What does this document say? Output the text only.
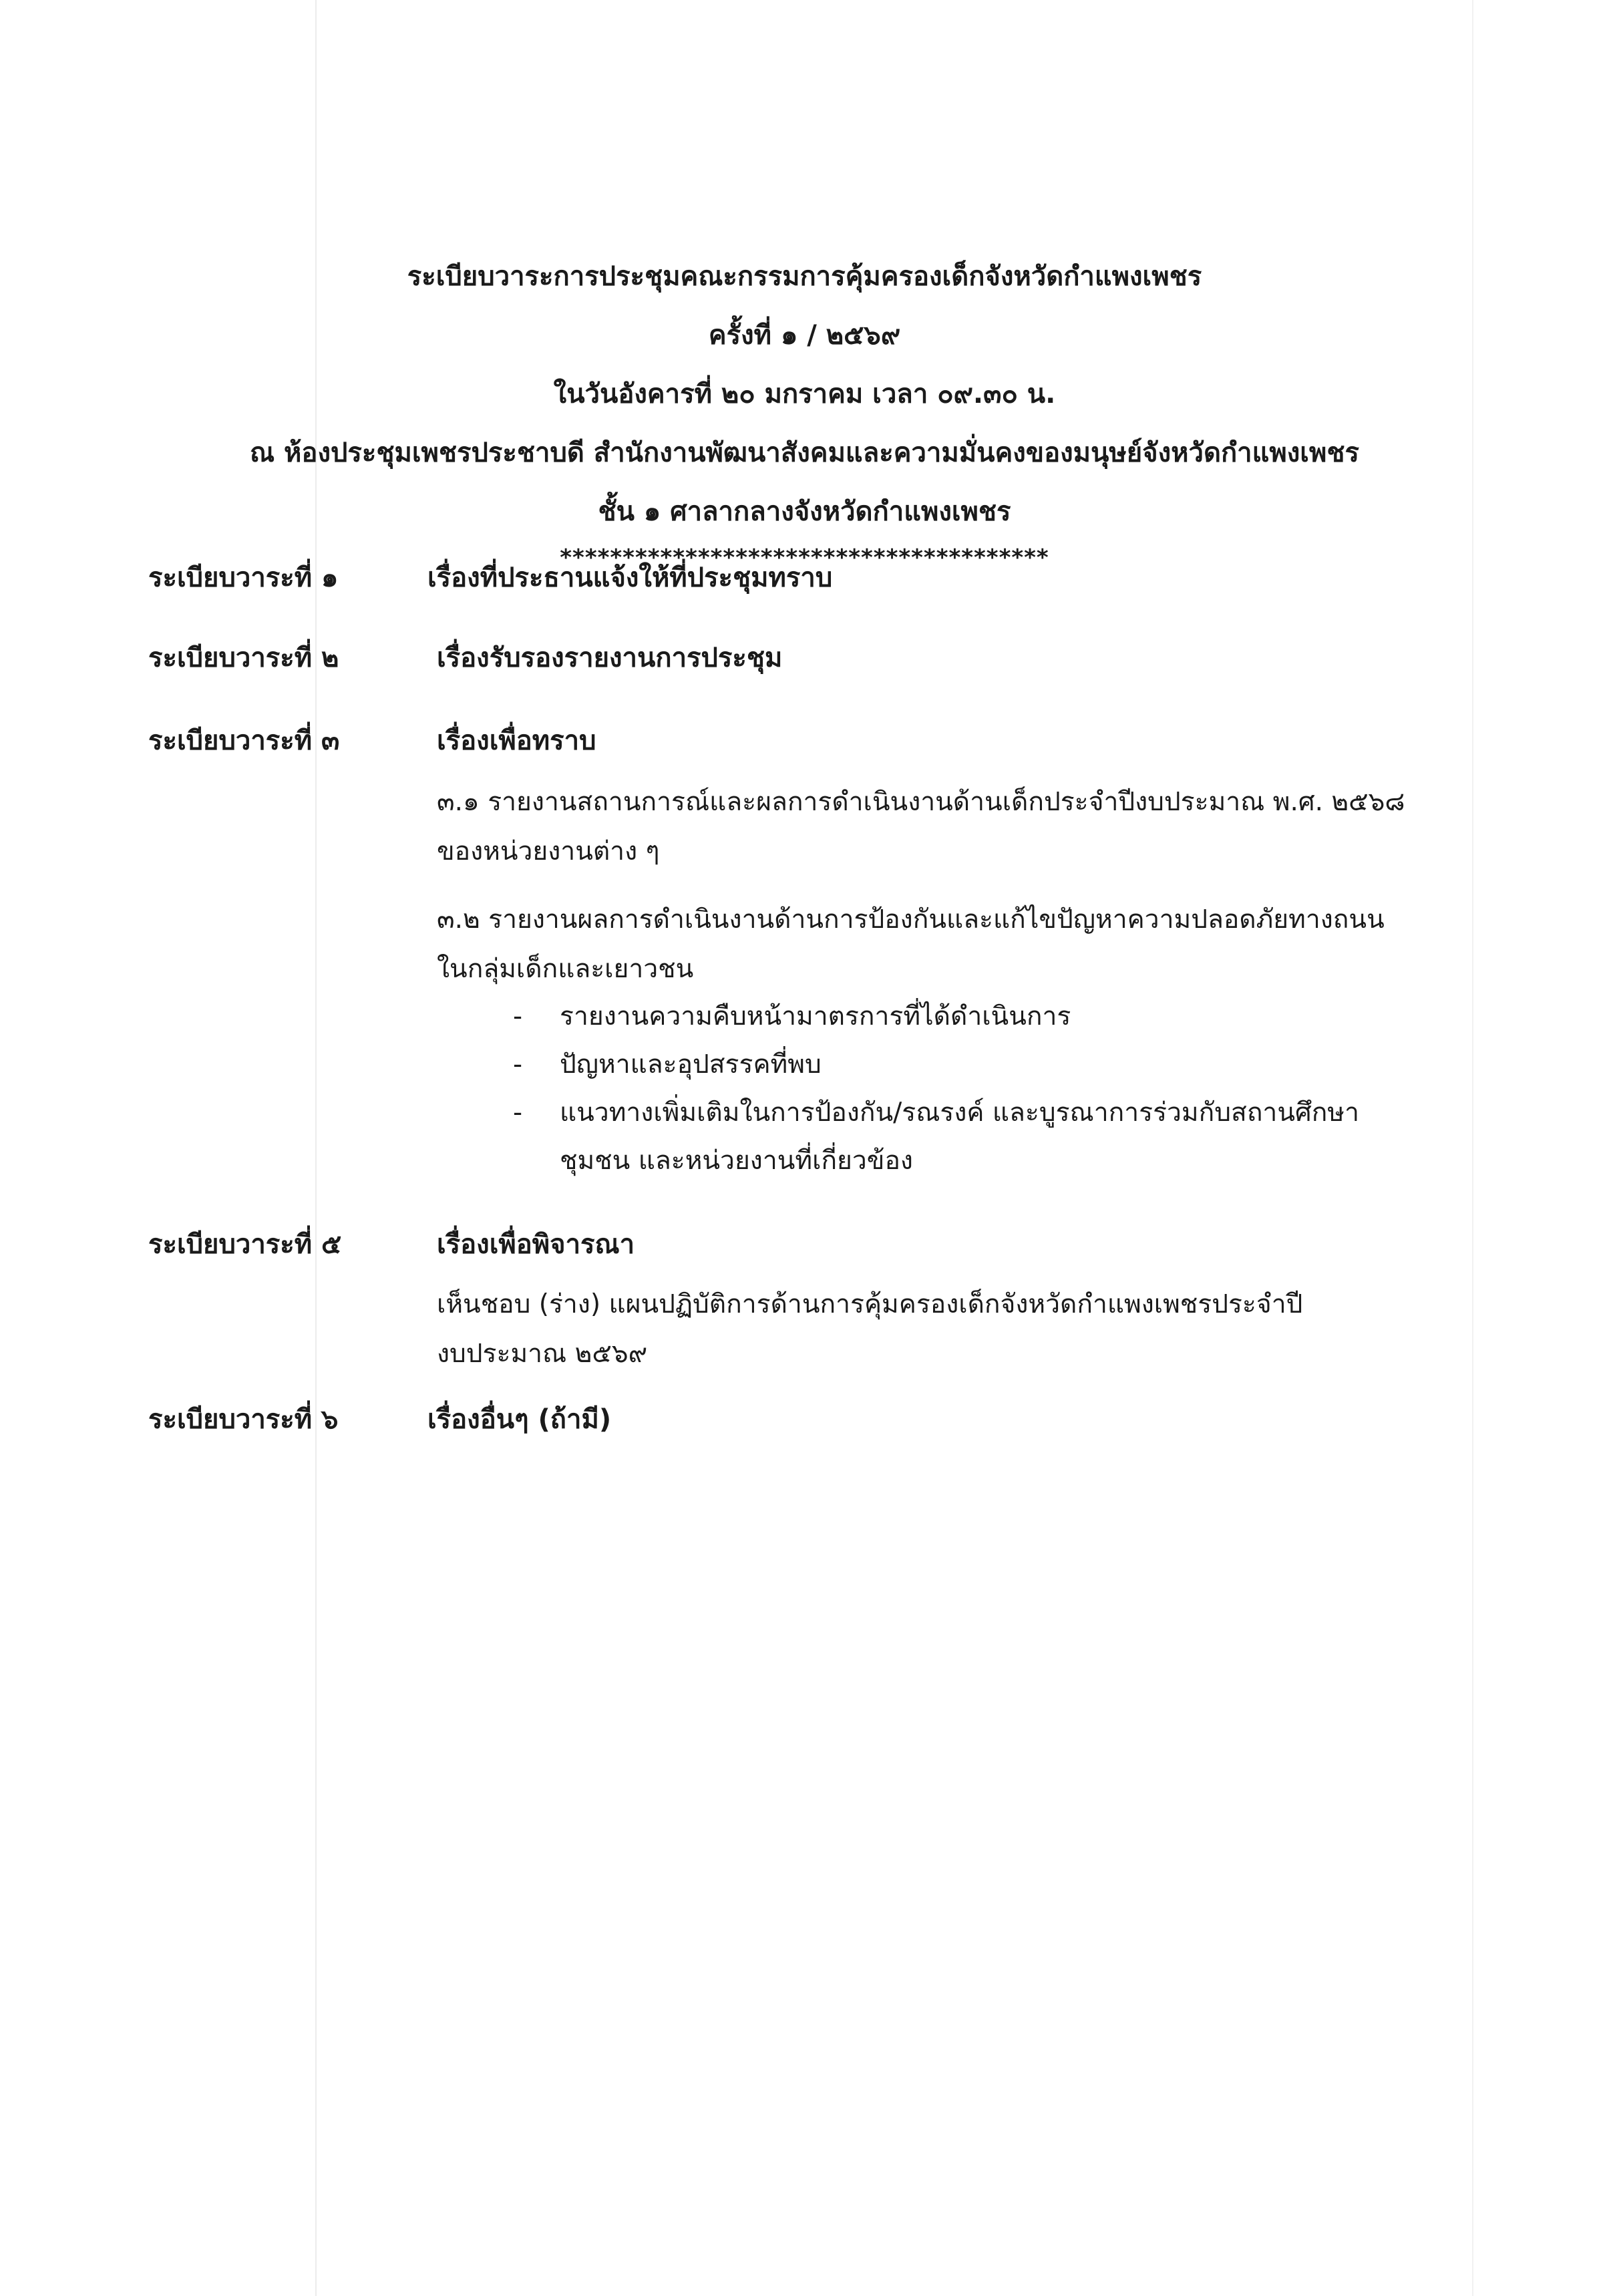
ระเบียบวาระการประชุมคณะกรรมการคุ้มครองเด็กจังหวัดกำแพงเพชร
ครั้งที่ ๑ / ๒๕๖๙
ในวันอังคารที่ ๒๐ มกราคม เวลา ๐๙.๓๐ น.
ณ ห้องประชุมเพชรประชาบดี สำนักงานพัฒนาสังคมและความมั่นคงของมนุษย์จังหวัดกำแพงเพชร
ชั้น ๑ ศาลากลางจังหวัดกำแพงเพชร
***************************************
ระเบียบวาระที่ ๑	เรื่องที่ประธานแจ้งให้ที่ประชุมทราบ
ระเบียบวาระที่ ๒	เรื่องรับรองรายงานการประชุม
ระเบียบวาระที่ ๓	เรื่องเพื่อทราบ
๓.๑ รายงานสถานการณ์และผลการดำเนินงานด้านเด็กประจำปีงบประมาณ พ.ศ. ๒๕๖๘
ของหน่วยงานต่าง ๆ
๓.๒ รายงานผลการดำเนินงานด้านการป้องกันและแก้ไขปัญหาความปลอดภัยทางถนน
ในกลุ่มเด็กและเยาวชน
- รายงานความคืบหน้ามาตรการที่ได้ดำเนินการ
- ปัญหาและอุปสรรคที่พบ
- แนวทางเพิ่มเติมในการป้องกัน/รณรงค์ และบูรณาการร่วมกับสถานศึกษา
ชุมชน และหน่วยงานที่เกี่ยวข้อง
ระเบียบวาระที่ ๕	เรื่องเพื่อพิจารณา
เห็นชอบ (ร่าง) แผนปฏิบัติการด้านการคุ้มครองเด็กจังหวัดกำแพงเพชรประจำปี
งบประมาณ ๒๕๖๙
ระเบียบวาระที่ ๖	เรื่องอื่นๆ (ถ้ามี)
